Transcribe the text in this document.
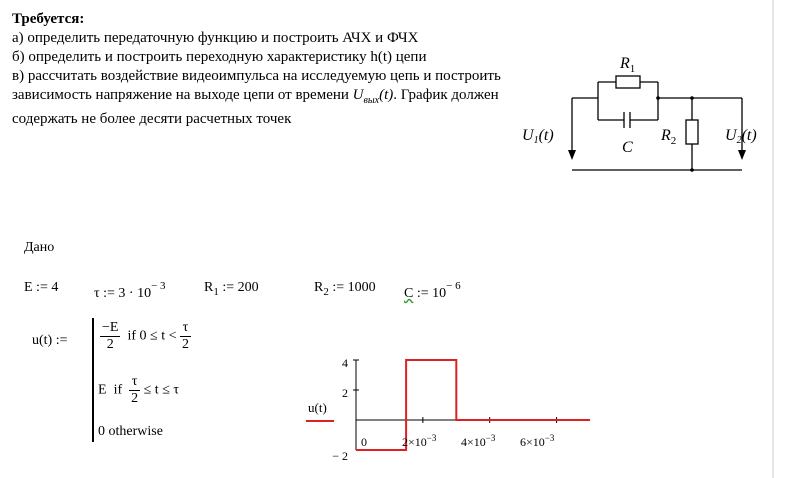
Требуется:

а) определить передаточную функцию и построить АЧХ и ФЧХ

б) определить и построить переходную характеристику h(t) цепи

в) рассчитать воздействие видеоимпульса на исследуемую цепь и построить зависимость напряжение на выходе цепи от времени $U_{вых}(t)$. График должен содержать не более десяти расчетных точек

$R_1$
C
$R_2$
U1(t)	U2(t)
Дано
E := 4	τ := $3 \cdot 10^{- 3}$	$R_1$ := 200	$R_2$ := 1000 C := $10^{- 6}$
u(t) := $\frac{-E}{2}$ if $0 \le t < \frac{\tau}{2}$
E if $\frac{\tau}{2} \le t \le \tau$
0 otherwise
u(t)
4
2
− 2
0	$2\times 10^{-3}$ $4\times 10^{-3}$ $6\times 10^{-3}$
